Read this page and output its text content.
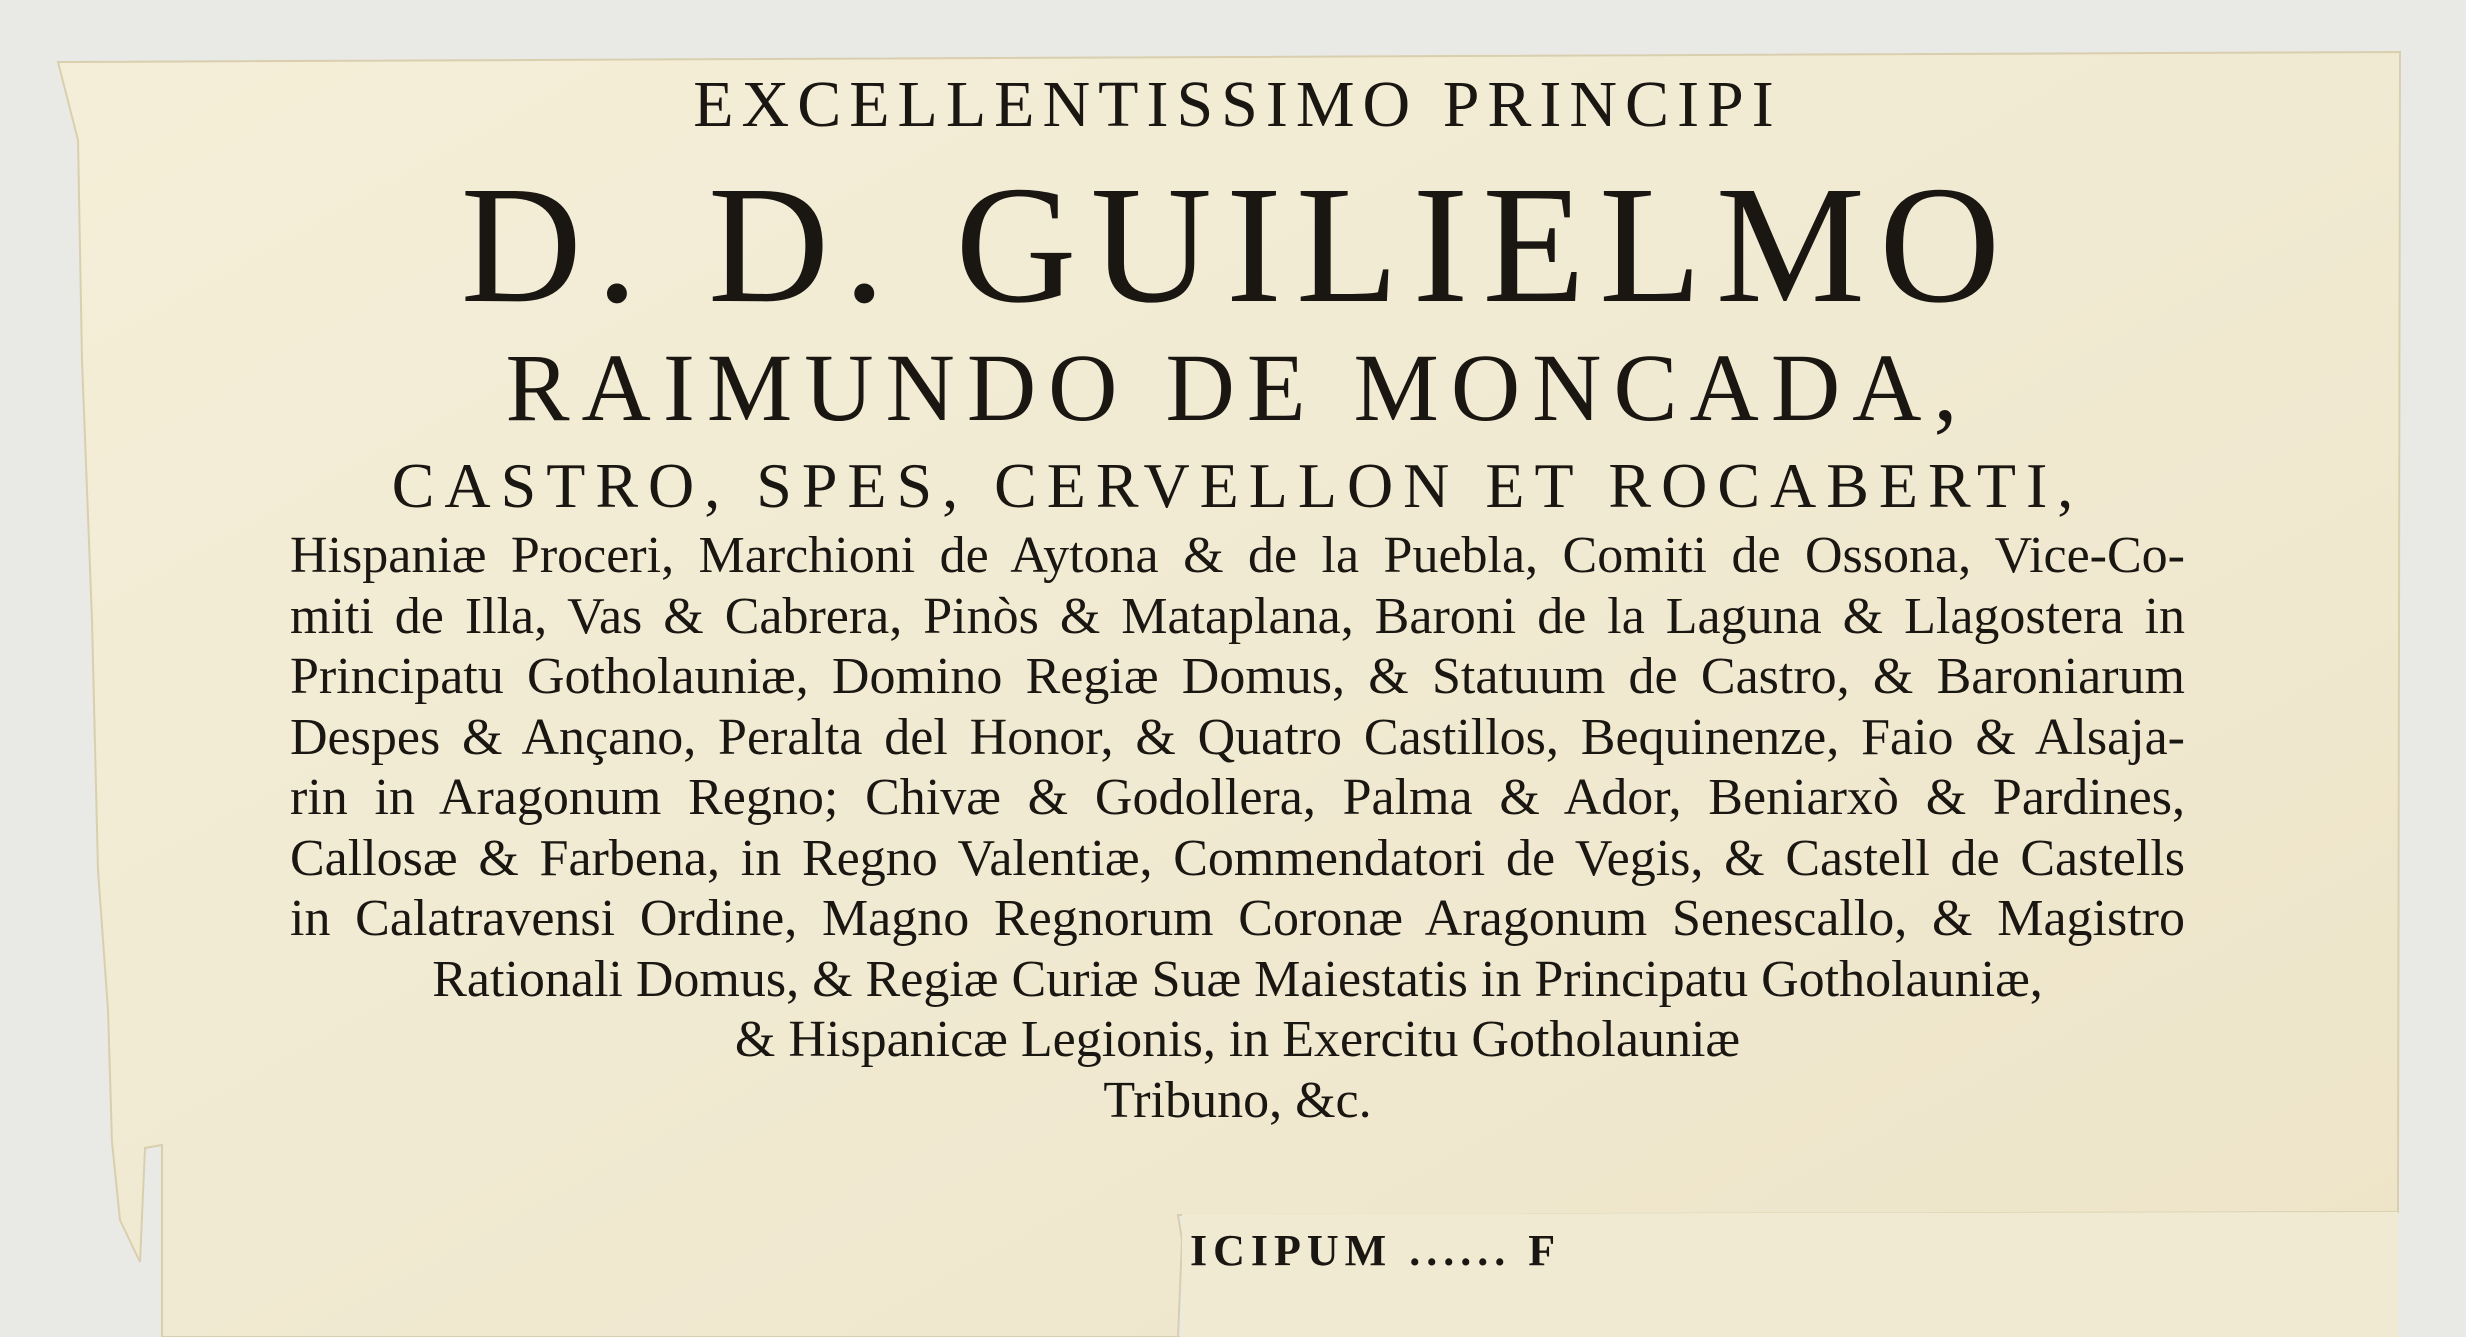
EXCELLENTISSIMO PRINCIPI
D. D. GUILIELMO
RAIMUNDO DE MONCADA,
CASTRO, SPES, CERVELLON ET ROCABERTI,
Hispaniæ Proceri, Marchioni de Aytona & de la Puebla, Comiti de Ossona, Vice-Co-
miti de Illa, Vas & Cabrera, Pinòs & Mataplana, Baroni de la Laguna & Llagostera in
Principatu Gotholauniæ, Domino Regiæ Domus, & Statuum de Castro, & Baroniarum
Despes & Ançano, Peralta del Honor, & Quatro Castillos, Bequinenze, Faio & Alsaja-
rin in Aragonum Regno; Chivæ & Godollera, Palma & Ador, Beniarxò & Pardines,
Callosæ & Farbena, in Regno Valentiæ, Commendatori de Vegis, & Castell de Castells
in Calatravensi Ordine, Magno Regnorum Coronæ Aragonum Senescallo, & Magistro
Rationali Domus, & Regiæ Curiæ Suæ Maiestatis in Principatu Gotholauniæ,
& Hispanicæ Legionis, in Exercitu Gotholauniæ
Tribuno, &c.
ICIPUM ...... F
